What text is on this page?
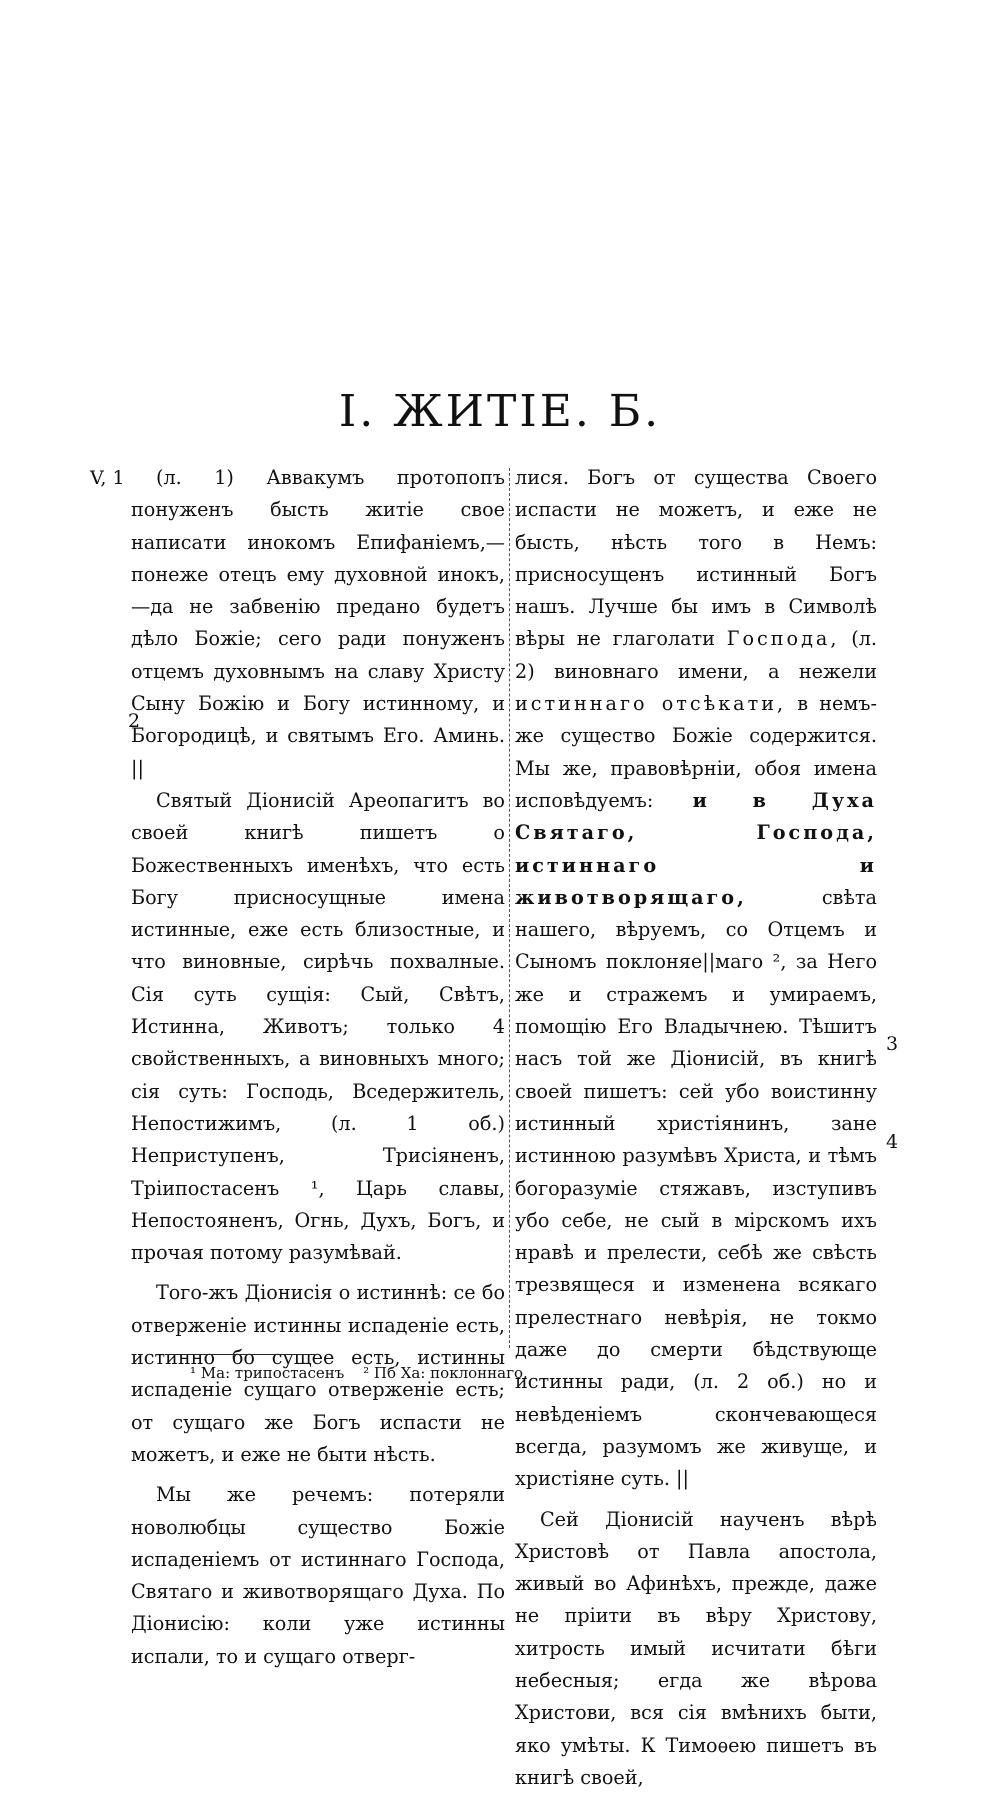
I. ЖИТIЕ. Б.
V, 1
2
3
4

(л. 1) Аввакумъ протопопъ понуженъ бысть житiе свое написати инокомъ Епифанiемъ,—понеже отецъ ему духовной инокъ,—да не забвенiю предано будетъ дѣло Божiе; сего ради понуженъ отцемъ духовнымъ на славу Христу Сыну Божiю и Богу истинному, и Богородицѣ, и святымъ Его. Аминь. ||

Святый Дiонисiй Ареопагитъ во своей книгѣ пишетъ о Божественныхъ именѣхъ, что есть Богу присносущные имена истинные, еже есть близостные, и что виновные, сирѣчь похвалные. Сiя суть сущiя: Сый, Свѣтъ, Истинна, Животъ; только 4 свойственныхъ, а виновныхъ много; сiя суть: Господь, Вседержитель, Непостижимъ, (л. 1 об.) Неприступенъ, Трисiяненъ, Трiипостасенъ ¹, Царь славы, Непостояненъ, Огнь, Духъ, Богъ, и прочая потому разумѣвай.

Того-жъ Дiонисiя о истиннѣ: се бо отверженiе истинны испаденiе есть, истинно бо сущее есть, истинны испаденiе сущаго отверженiе есть; от сущаго же Богъ испасти не можетъ, и еже не быти нѣсть.

Мы же речемъ: потеряли новолюбцы существо Божiе испаденiемъ от истиннаго Господа, Святаго и животворящаго Духа. По Дiонисiю: коли уже истинны испали, то и сущаго отверг-

лися. Богъ от существа Своего испасти не можетъ, и еже не бысть, нѣсть того в Немъ: присносущенъ истинный Богъ нашъ. Лучше бы имъ в Символѣ вѣры не глаголати Господа, (л. 2) виновнаго имени, а нежели истиннаго отсѣкати, в немъ-же существо Божiе содержится. Мы же, правовѣрнiи, обоя имена исповѣдуемъ: и в Духа Святаго, Господа, истиннаго и животворящаго,	свѣта нашего, вѣруемъ, со Отцемъ и Сыномъ поклоняе||маго ², за Него же и стражемъ и умираемъ, помощiю Его Владычнею. Тѣшитъ насъ той же Дiонисiй, въ книгѣ своей пишетъ: сей убо воистинну истинный христiянинъ, зане истинною разумѣвъ Христа, и тѣмъ богоразумiе стяжавъ, изступивъ убо себе, не сый в мiрскомъ ихъ нравѣ и прелести, себѣ же свѣсть трезвящеся и изменена всякаго прелестнаго невѣрiя, не токмо даже до смерти бѣдствующе истинны ради, (л. 2 об.) но и невѣденiемъ скончевающеся всегда, разумомъ же живуще, и христiяне суть. ||

Сей Дiонисiй наученъ вѣрѣ Христовѣ от Павла апостола, живый во Афинѣхъ, прежде, даже не прiити въ вѣру Христову, хитрость имый исчитати бѣги небесныя; егда же вѣрова Христови, вся сiя вмѣнихъ быти, яко умѣты. К Тимоѳею пишетъ въ книгѣ своей,

¹ Ма: трипостасенъ ² Пб Ха: поклоннаго.
